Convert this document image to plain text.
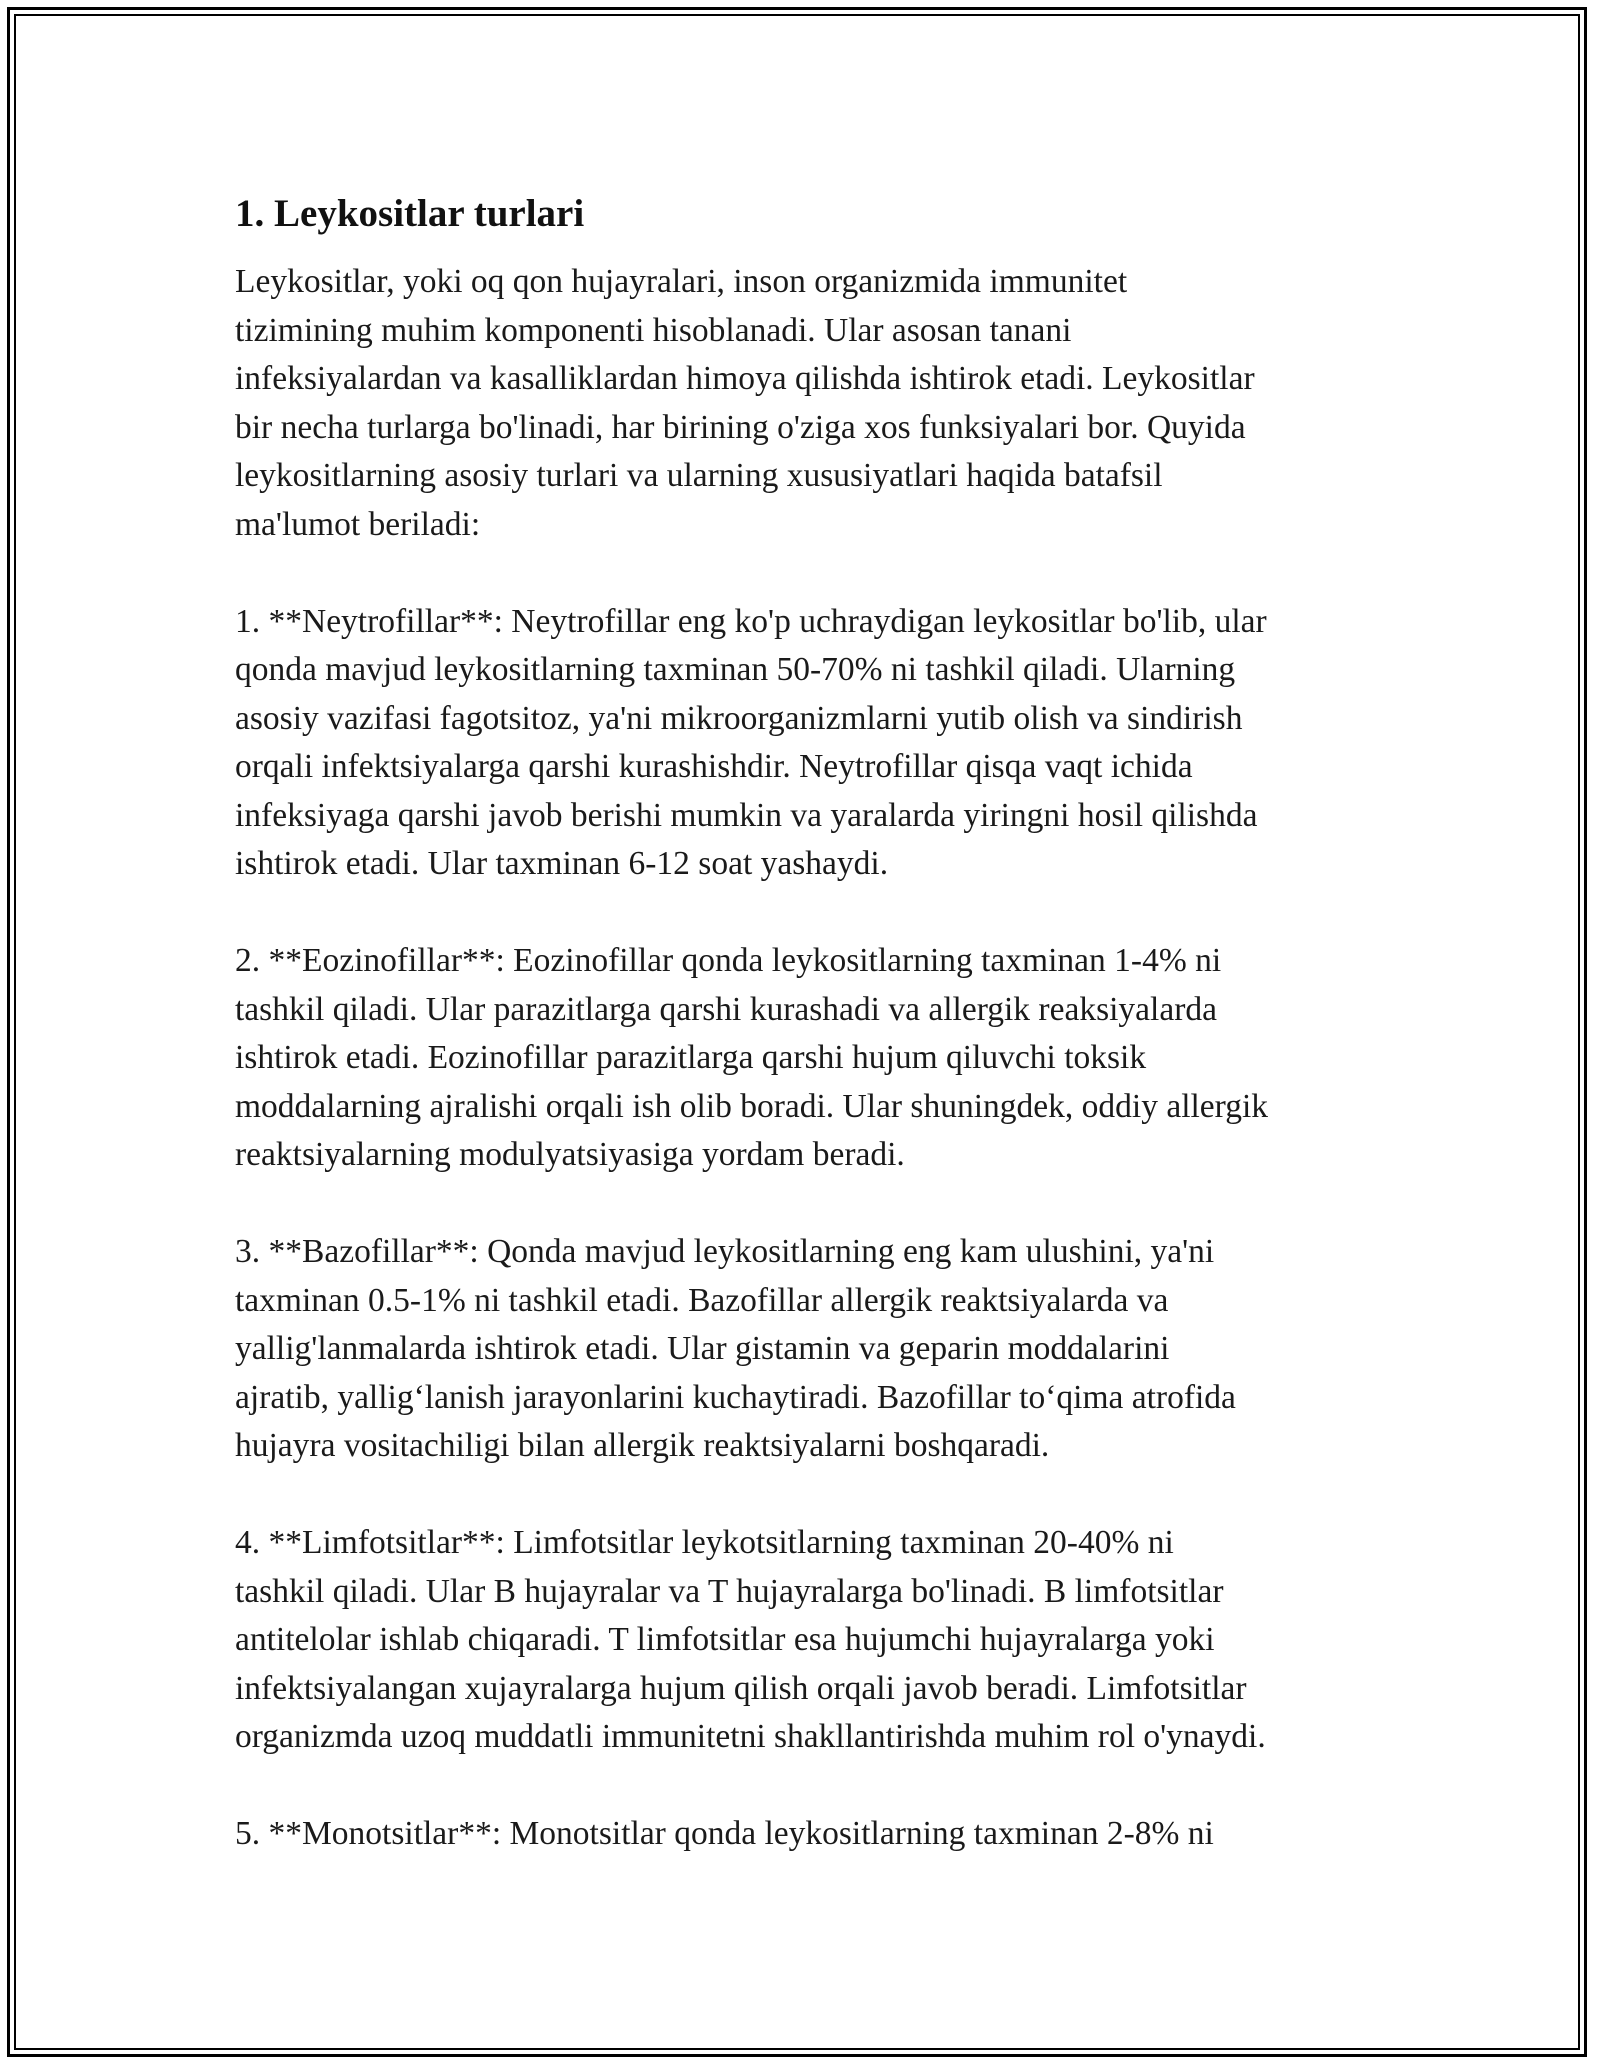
1. Leykositlar turlari
Leykositlar, yoki oq qon hujayralari, inson organizmida immunitet
tizimining muhim komponenti hisoblanadi. Ular asosan tanani
infeksiyalardan va kasalliklardan himoya qilishda ishtirok etadi. Leykositlar
bir necha turlarga bo'linadi, har birining o'ziga xos funksiyalari bor. Quyida
leykositlarning asosiy turlari va ularning xususiyatlari haqida batafsil
ma'lumot beriladi:
1. **Neytrofillar**: Neytrofillar eng ko'p uchraydigan leykositlar bo'lib, ular
qonda mavjud leykositlarning taxminan 50-70% ni tashkil qiladi. Ularning
asosiy vazifasi fagotsitoz, ya'ni mikroorganizmlarni yutib olish va sindirish
orqali infektsiyalarga qarshi kurashishdir. Neytrofillar qisqa vaqt ichida
infeksiyaga qarshi javob berishi mumkin va yaralarda yiringni hosil qilishda
ishtirok etadi. Ular taxminan 6-12 soat yashaydi.
2. **Eozinofillar**: Eozinofillar qonda leykositlarning taxminan 1-4% ni
tashkil qiladi. Ular parazitlarga qarshi kurashadi va allergik reaksiyalarda
ishtirok etadi. Eozinofillar parazitlarga qarshi hujum qiluvchi toksik
moddalarning ajralishi orqali ish olib boradi. Ular shuningdek, oddiy allergik
reaktsiyalarning modulyatsiyasiga yordam beradi.
3. **Bazofillar**: Qonda mavjud leykositlarning eng kam ulushini, ya'ni
taxminan 0.5-1% ni tashkil etadi. Bazofillar allergik reaktsiyalarda va
yallig'lanmalarda ishtirok etadi. Ular gistamin va geparin moddalarini
ajratib, yallig‘lanish jarayonlarini kuchaytiradi. Bazofillar to‘qima atrofida
hujayra vositachiligi bilan allergik reaktsiyalarni boshqaradi.
4. **Limfotsitlar**: Limfotsitlar leykotsitlarning taxminan 20-40% ni
tashkil qiladi. Ular B hujayralar va T hujayralarga bo'linadi. B limfotsitlar
antitelolar ishlab chiqaradi. T limfotsitlar esa hujumchi hujayralarga yoki
infektsiyalangan xujayralarga hujum qilish orqali javob beradi. Limfotsitlar
organizmda uzoq muddatli immunitetni shakllantirishda muhim rol o'ynaydi.
5. **Monotsitlar**: Monotsitlar qonda leykositlarning taxminan 2-8% ni
